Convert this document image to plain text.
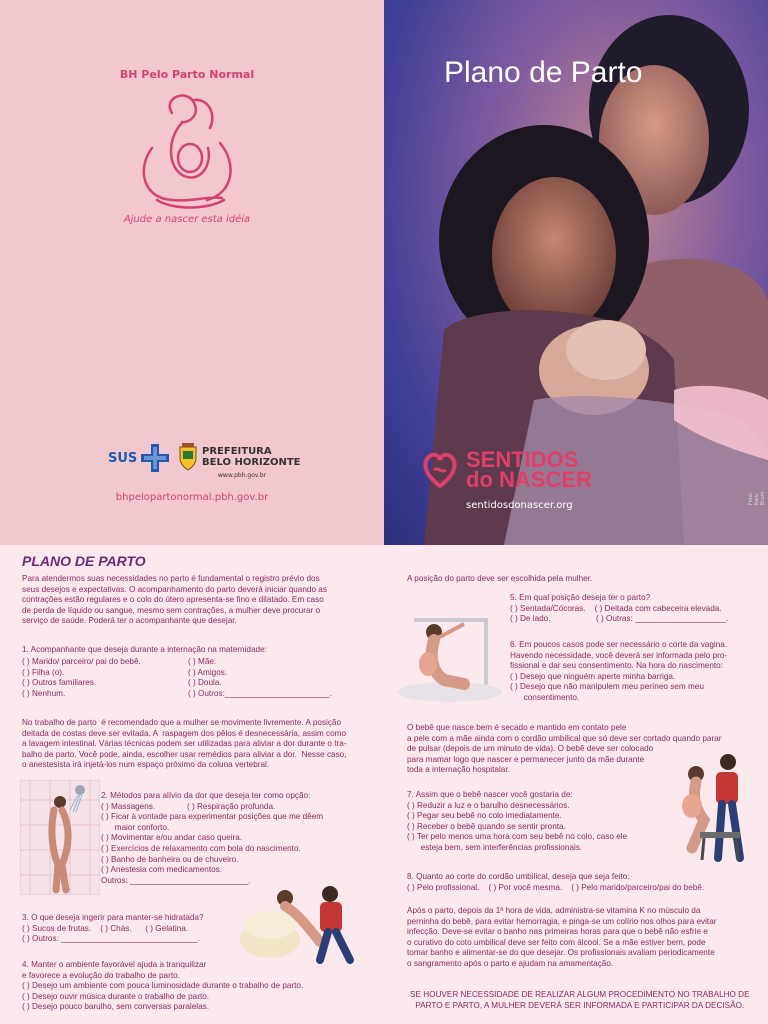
BH Pelo Parto Normal
Ajude a nascer esta idéia
SUS	PREFEITURA
BELO HORIZONTE
www.pbh.gov.br
bhpelopartonormal.pbh.gov.br
Plano de Parto
SENTIDOS
do NASCER
sentidosdonascer.org
Foto: Kalu Brum
PLANO DE PARTO
Para atendermos suas necessidades no parto é fundamental o registro prévio dos
seus desejos e expectativas. O acompanhamento do parto deverá iniciar quando as
contrações estão regulares e o colo do útero apresenta-se fino e dilatado. Em caso
de perda de líquido ou sangue, mesmo sem contrações, a mulher deve procurar o
serviço de saúde. Poderá ter o acompanhante que desejar.
1. Acompanhante que deseja durante a internação na maternidade:
( ) Marido/ parceiro/ pai do bebê.
( ) Filha (o).
( ) Outros familiares.
( ) Nenhum.
( ) Mãe.
( ) Amigos.
( ) Doula.
( ) Outros:_______________________.
No trabalho de parto  é recomendado que a mulher se movimente livremente. A posição
deitada de costas deve ser evitada. A  raspagem dos pêlos é desnecessária, assim como
a lavagem intestinal. Várias técnicas podem ser utilizadas para aliviar a dor durante o tra-
balho de parto. Você pode, ainda, escolher usar remédios para aliviar a dor.  Nesse caso,
o anestesista irá injetá-los num espaço próximo da coluna vertebral.
2. Métodos para alívio da dor que deseja ter como opção:
( ) Massagens.              ( ) Respiração profunda.
( ) Ficar à vontade para experimentar posições que me dêem
maior conforto.
( ) Movimentar e/ou andar caso queira.
( ) Exercícios de relaxamento com bola do nascimento.
( ) Banho de banheira ou de chuveiro.
( ) Anestesia com medicamentos.
Outros: __________________________.
3. O que deseja ingerir para manter-se hidratada?
( ) Sucos de frutas.    ( ) Chás.      ( ) Gelatina.
( ) Outros: ______________________________.
4. Manter o ambiente favorável ajuda a tranquilizar
e favorece a evolução do trabalho de parto.
( ) Desejo um ambiente com pouca luminosidade durante o trabalho de parto.
( ) Desejo ouvir música durante o trabalho de parto.
( ) Desejo pouco barulho, sem conversas paralelas.
A posição do parto deve ser escolhida pela mulher.
5. Em qual posição deseja ter o parto?
( ) Sentada/Cócoras.    ( ) Deitada com cabeceira elevada.
( ) De lado.                    ( ) Outras: ____________________.
6. Em poucos casos pode ser necessário o corte da vagina.
Havendo necessidade, você deverá ser informada pelo pro-
fissional e dar seu consentimento. Na hora do nascimento:
( ) Desejo que ninguém aperte minha barriga.
( ) Desejo que não manipulem meu períneo sem meu
consentimento.
O bebê que nasce bem é secado e mantido em contato pele
a pele com a mãe ainda com o cordão umbilical que só deve ser cortado quando parar
de pulsar (depois de um minuto de vida). O bebê deve ser colocado
para mamar logo que nascer e permanecer junto da mãe durante
toda a internação hospitalar.
7. Assim que o bebê nascer você gostaria de:
( ) Reduzir a luz e o barulho desnecessários.
( ) Pegar seu bebê no colo imediatamente.
( ) Receber o bebê quando se sentir pronta.
( ) Ter pelo menos uma hora com seu bebê no colo, caso ele
esteja bem, sem interferências profissionais.
8. Quanto ao corte do cordão umbilical, deseja que seja feito:
( ) Pelo profissional.    ( ) Por você mesma.    ( ) Pelo marido/parceiro/pai do bebê.
Após o parto, depois da 1ª hora de vida, administra-se vitamina K no músculo da
perninha do bebê, para evitar hemorragia, e pinga-se um colírio nos olhos para evitar
infecção. Deve-se evitar o banho nas primeiras horas para que o bebê não esfrie e
o curativo do coto umbilical deve ser feito com álcool. Se a mãe estiver bem, pode
tomar banho e alimentar-se do que desejar. Os profissionais avaliam periodicamente
o sangramento após o parto e ajudam na amamentação.
SE HOUVER NECESSIDADE DE REALIZAR ALGUM PROCEDIMENTO NO TRABALHO DE
PARTO E PARTO, A MULHER DEVERÁ SER INFORMADA E PARTICIPAR DA DECISÃO.
